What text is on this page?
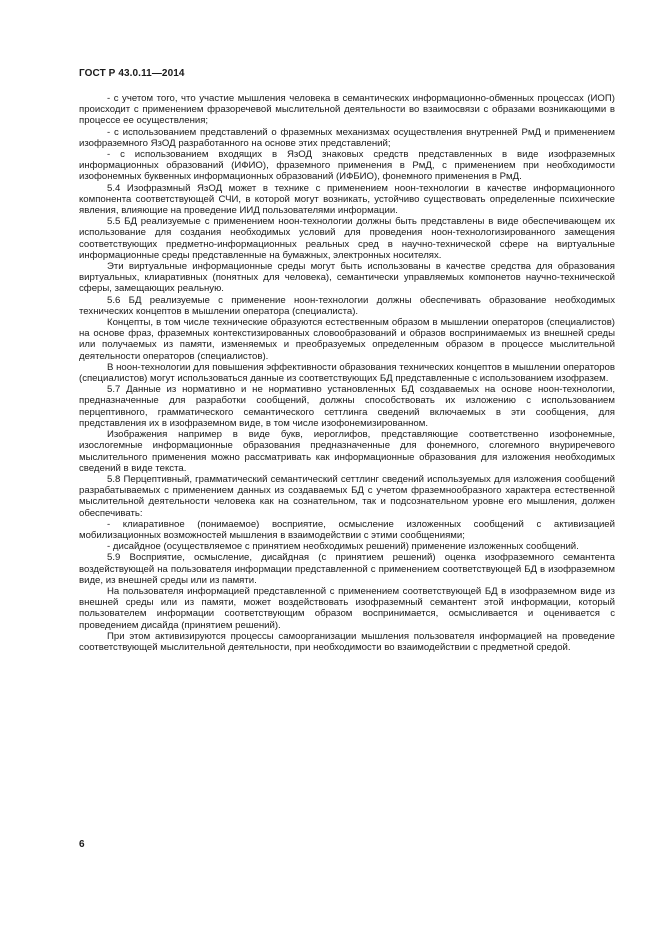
ГОСТ Р 43.0.11—2014

- с учетом того, что участие мышления человека в семантических информационно-обменных процессах (ИОП) происходит с применением фразоречевой мыслительной деятельности во взаимосвязи с образами возникающими в процессе ее осуществления;

- с использованием представлений о фраземных механизмах осуществления внутренней РмД и применением изофраземного ЯзОД разработанного на основе этих представлений;

- с использованием входящих в ЯзОД знаковых средств представленных в виде изофраземных информационных образований (ИФИО), фраземного применения в РмД, с применением при необходимости изофонемных буквенных информационных образований (ИФБИО), фонемного применения в РмД.

5.4 Изофразмный ЯзОД может в технике с применением ноон-технологии в качестве информационного компонента соответствующей СЧИ, в которой могут возникать, устойчиво существовать определенные психические явления, влияющие на проведение ИИД пользователями информации.

5.5 БД реализуемые с применением ноон-технологии должны быть представлены в виде обеспечивающем их использование для создания необходимых условий для проведения ноон-технологизированного замещения соответствующих предметно-информационных реальных сред в научно-технической сфере на виртуальные информационные среды представленные на бумажных, электронных носителях.

Эти виртуальные информационные среды могут быть использованы в качестве средства для образования виртуальных, клиаративных (понятных для человека), семантически управляемых компонетов научно-технической сферы, замещающих реальную.

5.6 БД реализуемые с применение ноон-технологии должны обеспечивать образование необходимых технических концептов в мышлении оператора (специалиста).

Концепты, в том числе технические образуются естественным образом в мышлении операторов (специалистов) на основе фраз, фраземных контекстизированных словообразований и образов воспринимаемых из внешней среды или получаемых из памяти, изменяемых и преобразуемых определенным образом в процессе мыслительной деятельности операторов (специалистов).

В ноон-технологии для повышения эффективности образования технических концептов в мышлении операторов (специалистов) могут использоваться данные из соответствующих БД представленные с использованием изофразем.

5.7 Данные из нормативно и не нормативно установленных БД создаваемых на основе ноон-технологии, предназначенные для разработки сообщений, должны способствовать их изложению с использованием перцептивного, грамматического семантического сеттлинга сведений включаемых в эти сообщения, для представления их в изофраземном виде, в том числе изофонемизированном.

Изображения например в виде букв, иероглифов, представляющие соответственно изофонемные, изослогемные информационные образования предназначенные для фонемного, слогемного внуриречевого мыслительного применения можно рассматривать как информационные образования для изложения необходимых сведений в виде текста.

5.8 Перцептивный, грамматический семантический сеттлинг сведений используемых для изложения сообщений разрабатываемых с применением данных из создаваемых БД с учетом фраземнообразного характера естественной мыслительной деятельности человека как на сознательном, так и подсознательном уровне его мышления, должен обеспечивать:

- клиаративное (понимаемое) восприятие, осмысление изложенных сообщений с активизацией мобилизационных возможностей мышления в взаимодействии с этими сообщениями;

- дисайдное (осуществляемое с принятием необходимых решений) применение изложенных сообщений.

5.9 Восприятие, осмысление, дисайдная (с принятием решений) оценка изофраземного семантента воздействующей на пользователя информации представленной с применением соответствующей БД в изофраземном виде, из внешней среды или из памяти.

На пользователя информацией представленной с применением соответствующей БД в изофраземном виде из внешней среды или из памяти, может воздействовать изофраземный семантент этой информации, который пользователем информации соответствующим образом воспринимается, осмысливается и оценивается с проведением дисайда (принятием решений).

При этом активизируются процессы самоорганизации мышления пользователя информацией на проведение соответствующей мыслительной деятельности, при необходимости во взаимодействии с предметной средой.

6
